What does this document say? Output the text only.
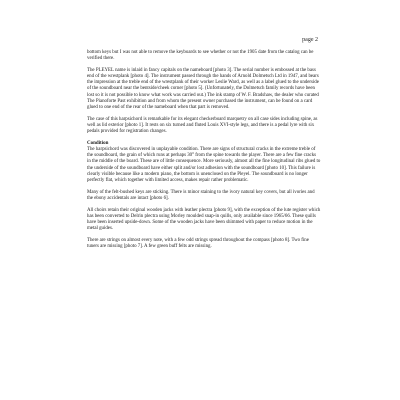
page 2

bottom keys but I was not able to remove the keyboards to see whether or not the 1905 date from the catalog can be verified there.

The PLEYEL name is inlaid in fancy capitals on the nameboard [photo 3]. The serial number is embossed at the bass end of the wrestplank [photo 4]. The instrument passed through the hands of Arnold Dolmetsch Ltd in 1947, and bears the impression at the treble end of the wrestplank of their worker Leslie Ward, as well as a label glued to the underside of the soundboard near the bentside/cheek corner [photo 5]. (Unfortunately, the Dolmetsch family records have been lost so it is not possible to know what work was carried out.) The ink stamp of W. F. Bradshaw, the dealer who curated The Pianoforte Past exhibition and from whom the present owner purchased the instrument, can be found on a card glued to one end of the rear of the nameboard when that part is removed.

The case of this harpsichord is remarkable for its elegant checkerboard marquetry on all case sides including spine, as well as lid exterior [photo 1]. It rests on six turned and fluted Louis XVI-style legs, and there is a pedal lyre with six pedals provided for registration changes.

Condition

The harpsichord was discovered in unplayable condition. There are signs of structural cracks in the extreme treble of the soundboard, the grain of which runs at perhaps 30° from the spine towards the player. There are a few fine cracks in the middle of the board. These are of little consequence. More seriously, almost all the fine longitudinal ribs glued to the underside of the soundboard have either split and/or lost adhesion with the soundboard [photo 10]. This failure is clearly visible because like a modern piano, the bottom is unenclosed on the Pleyel. The soundboard is no longer perfectly flat, which together with limited access, makes repair rather problematic.

Many of the felt-bushed keys are sticking. There is minor staining to the ivory natural key covers, but all ivories and the ebony accidentals are intact [photo 6].

All choirs retain their original wooden jacks with leather plectra [photo 9], with the exception of the lute register which has been converted to Delrin plectra using Morley moulded snap-in quills, only available since 1965/66. These quills have been inserted upside-down. Some of the wooden jacks have been shimmed with paper to reduce motion in the metal guides.

There are strings on almost every note, with a few odd strings spread throughout the compass [photo 8]. Two fine tuners are missing [photo 7]. A few green buff felts are missing.
